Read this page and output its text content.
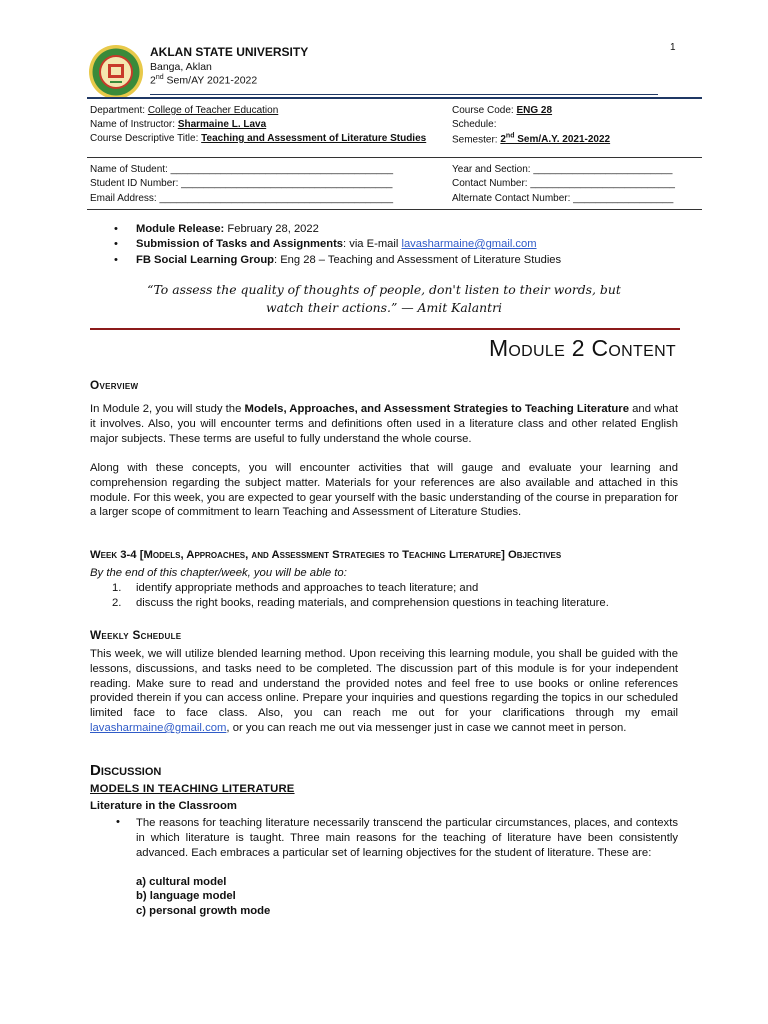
AKLAN STATE UNIVERSITY
Banga, Aklan
2nd Sem/AY 2021-2022
1
Department: College of Teacher Education
Name of Instructor: Sharmaine L. Lava
Course Descriptive Title: Teaching and Assessment of Literature Studies
Course Code: ENG 28
Schedule:
Semester: 2nd Sem/A.Y. 2021-2022
Name of Student: ________________________________________
Student ID Number: ______________________________________
Email Address: __________________________________________
Year and Section: _________________________
Contact Number: __________________________
Alternate Contact Number: __________________
• Module Release: February 28, 2022
• Submission of Tasks and Assignments: via E-mail lavasharmaine@gmail.com
• FB Social Learning Group: Eng 28 – Teaching and Assessment of Literature Studies
“To assess the quality of thoughts of people, don't listen to their words, but
watch their actions.” — Amit Kalantri
Module 2 Content
Overview
In Module 2, you will study the Models, Approaches, and Assessment Strategies to Teaching Literature and what it involves. Also, you will encounter terms and definitions often used in a literature class and other related English major subjects. These terms are useful to fully understand the whole course.
Along with these concepts, you will encounter activities that will gauge and evaluate your learning and comprehension regarding the subject matter. Materials for your references are also available and attached in this module. For this week, you are expected to gear yourself with the basic understanding of the course in preparation for a larger scope of commitment to learn Teaching and Assessment of Literature Studies.
Week 3-4 [Models, Approaches, and Assessment Strategies to Teaching Literature] Objectives
By the end of this chapter/week, you will be able to:
1. identify appropriate methods and approaches to teach literature; and
2. discuss the right books, reading materials, and comprehension questions in teaching literature.
Weekly Schedule
This week, we will utilize blended learning method. Upon receiving this learning module, you shall be guided with the lessons, discussions, and tasks need to be completed. The discussion part of this module is for your independent reading. Make sure to read and understand the provided notes and feel free to use books or online references provided therein if you can access online. Prepare your inquiries and questions regarding the topics in our scheduled limited face to face class. Also, you can reach me out for your clarifications through my email lavasharmaine@gmail.com, or you can reach me out via messenger just in case we cannot meet in person.
Discussion
MODELS IN TEACHING LITERATURE
Literature in the Classroom
• The reasons for teaching literature necessarily transcend the particular circumstances, places, and contexts in which literature is taught. Three main reasons for the teaching of literature have been consistently advanced. Each embraces a particular set of learning objectives for the student of literature. These are:
a) cultural model
b) language model
c) personal growth mode
